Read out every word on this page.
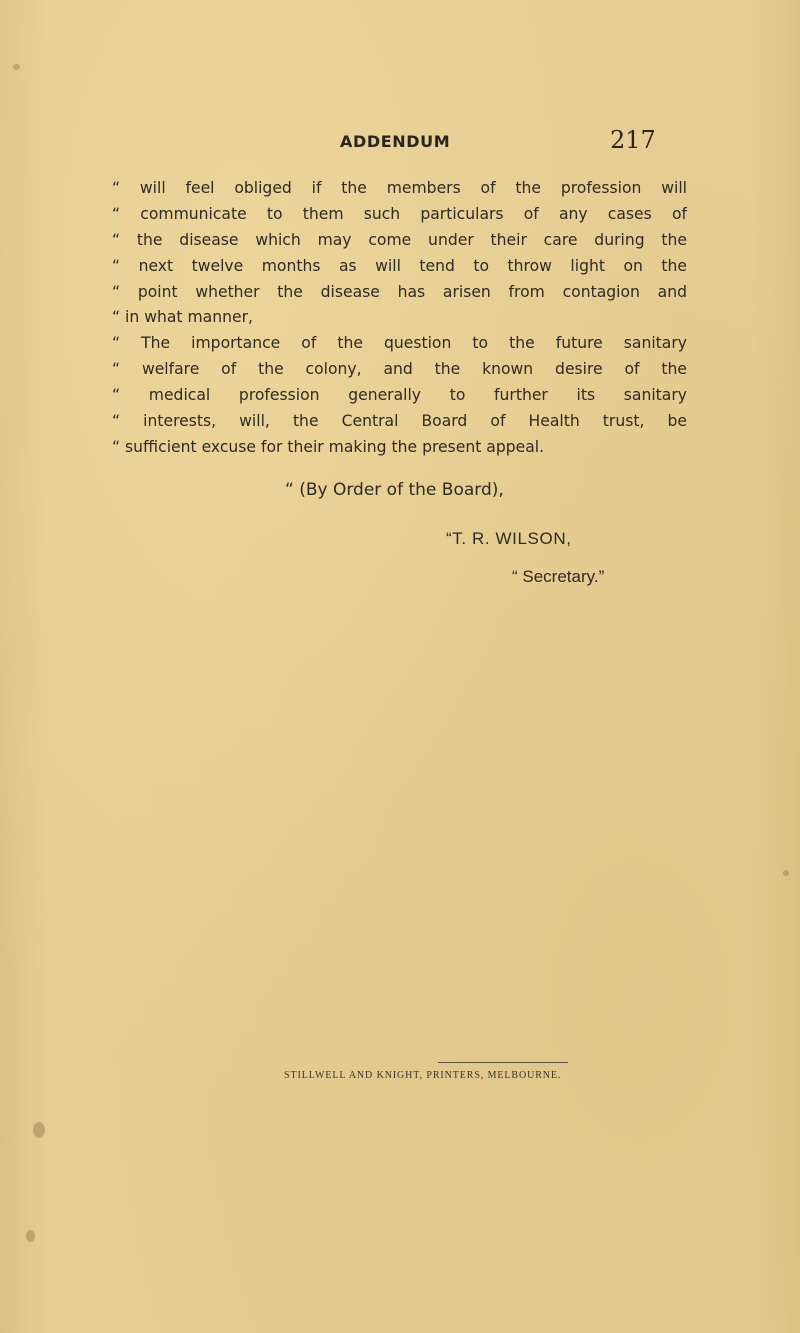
ADDENDUM	217
“ will feel obliged if the members of the profession will
“ communicate to them such particulars of any cases of
“ the disease which may come under their care during the
“ next twelve months as will tend to throw light on the
“ point whether the disease has arisen from contagion and
“ in what manner,
“ The importance of the question to the future sanitary
“ welfare of the colony, and the known desire of the
“ medical profession generally to further its sanitary
“ interests, will, the Central Board of Health trust, be
“ sufficient excuse for their making the present appeal.
“ (By Order of the Board),
“T. R. WILSON,
“ Secretary.”
STILLWELL AND KNIGHT, PRINTERS, MELBOURNE.
